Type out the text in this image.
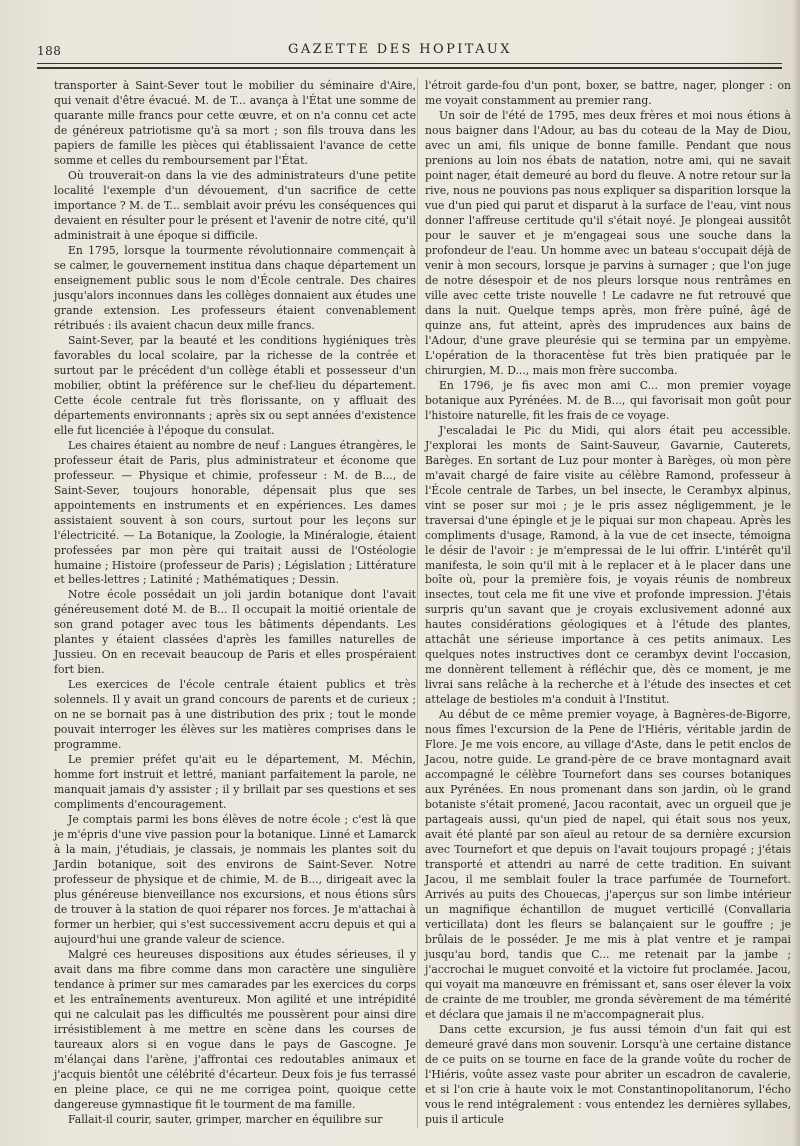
188	GAZETTE DES HOPITAUX

transporter à Saint-Sever tout le mobilier du séminaire d'Aire, qui venait d'être évacué. M. de T... avança à l'État une somme de quarante mille francs pour cette œuvre, et on n'a connu cet acte de généreux patriotisme qu'à sa mort ; son fils trouva dans les papiers de famille les pièces qui établissaient l'avance de cette somme et celles du remboursement par l'État.

Où trouverait-on dans la vie des administrateurs d'une petite localité l'exemple d'un dévouement, d'un sacrifice de cette importance ? M. de T... semblait avoir prévu les conséquences qui devaient en résulter pour le présent et l'avenir de notre cité, qu'il administrait à une époque si difficile.

En 1795, lorsque la tourmente révolutionnaire commençait à se calmer, le gouvernement institua dans chaque département un enseignement public sous le nom d'École centrale. Des chaires jusqu'alors inconnues dans les collèges donnaient aux études une grande extension. Les professeurs étaient convenablement rétribués : ils avaient chacun deux mille francs.

Saint-Sever, par la beauté et les conditions hygiéniques très favorables du local scolaire, par la richesse de la contrée et surtout par le précédent d'un collège établi et possesseur d'un mobilier, obtint la préférence sur le chef-lieu du département. Cette école centrale fut très florissante, on y affluait des départements environnants ; après six ou sept années d'existence elle fut licenciée à l'époque du consulat.

Les chaires étaient au nombre de neuf : Langues étrangères, le professeur était de Paris, plus administrateur et économe que professeur. — Physique et chimie, professeur : M. de B..., de Saint-Sever, toujours honorable, dépensait plus que ses appointements en instruments et en expériences. Les dames assistaient souvent à son cours, surtout pour les leçons sur l'électricité. — La Botanique, la Zoologie, la Minéralogie, étaient professées par mon père qui traitait aussi de l'Ostéologie humaine ; Histoire (professeur de Paris) ; Législation ; Littérature et belles-lettres ; Latinité ; Mathématiques ; Dessin.

Notre école possédait un joli jardin botanique dont l'avait généreusement doté M. de B... Il occupait la moitié orientale de son grand potager avec tous les bâtiments dépendants. Les plantes y étaient classées d'après les familles naturelles de Jussieu. On en recevait beaucoup de Paris et elles prospéraient fort bien.

Les exercices de l'école centrale étaient publics et très solennels. Il y avait un grand concours de parents et de curieux ; on ne se bornait pas à une distribution des prix ; tout le monde pouvait interroger les élèves sur les matières comprises dans le programme.

Le premier préfet qu'ait eu le département, M. Méchin, homme fort instruit et lettré, maniant parfaitement la parole, ne manquait jamais d'y assister ; il y brillait par ses questions et ses compliments d'encouragement.

Je comptais parmi les bons élèves de notre école ; c'est là que je m'épris d'une vive passion pour la botanique. Linné et Lamarck à la main, j'étudiais, je classais, je nommais les plantes soit du Jardin botanique, soit des environs de Saint-Sever. Notre professeur de physique et de chimie, M. de B..., dirigeait avec la plus généreuse bienveillance nos excursions, et nous étions sûrs de trouver à la station de quoi réparer nos forces. Je m'attachai à former un herbier, qui s'est successivement accru depuis et qui a aujourd'hui une grande valeur de science.

Malgré ces heureuses dispositions aux études sérieuses, il y avait dans ma fibre comme dans mon caractère une singulière tendance à primer sur mes camarades par les exercices du corps et les entraînements aventureux. Mon agilité et une intrépidité qui ne calculait pas les difficultés me poussèrent pour ainsi dire irrésistiblement à me mettre en scène dans les courses de taureaux alors si en vogue dans le pays de Gascogne. Je m'élançai dans l'arène, j'affrontai ces redoutables animaux et j'acquis bientôt une célébrité d'écarteur. Deux fois je fus terrassé en pleine place, ce qui ne me corrigea point, quoique cette dangereuse gymnastique fit le tourment de ma famille.

Fallait-il courir, sauter, grimper, marcher en équilibre sur

l'étroit garde-fou d'un pont, boxer, se battre, nager, plonger : on me voyait constamment au premier rang.

Un soir de l'été de 1795, mes deux frères et moi nous étions à nous baigner dans l'Adour, au bas du coteau de la May de Diou, avec un ami, fils unique de bonne famille. Pendant que nous prenions au loin nos ébats de natation, notre ami, qui ne savait point nager, était demeuré au bord du fleuve. A notre retour sur la rive, nous ne pouvions pas nous expliquer sa disparition lorsque la vue d'un pied qui parut et disparut à la surface de l'eau, vint nous donner l'affreuse certitude qu'il s'était noyé. Je plongeai aussitôt pour le sauver et je m'engageai sous une souche dans la profondeur de l'eau. Un homme avec un bateau s'occupait déjà de venir à mon secours, lorsque je parvins à surnager ; que l'on juge de notre désespoir et de nos pleurs lorsque nous rentrâmes en ville avec cette triste nouvelle ! Le cadavre ne fut retrouvé que dans la nuit. Quelque temps après, mon frère puîné, âgé de quinze ans, fut atteint, après des imprudences aux bains de l'Adour, d'une grave pleurésie qui se termina par un empyème. L'opération de la thoracentèse fut très bien pratiquée par le chirurgien, M. D..., mais mon frère succomba.

En 1796, je fis avec mon ami C... mon premier voyage botanique aux Pyrénées. M. de B..., qui favorisait mon goût pour l'histoire naturelle, fit les frais de ce voyage.

J'escaladai le Pic du Midi, qui alors était peu accessible. J'explorai les monts de Saint-Sauveur, Gavarnie, Cauterets, Barèges. En sortant de Luz pour monter à Barèges, où mon père m'avait chargé de faire visite au célèbre Ramond, professeur à l'École centrale de Tarbes, un bel insecte, le Cerambyx alpinus, vint se poser sur moi ; je le pris assez négligemment, je le traversai d'une épingle et je le piquai sur mon chapeau. Après les compliments d'usage, Ramond, à la vue de cet insecte, témoigna le désir de l'avoir : je m'empressai de le lui offrir. L'intérêt qu'il manifesta, le soin qu'il mit à le replacer et à le placer dans une boîte où, pour la première fois, je voyais réunis de nombreux insectes, tout cela me fit une vive et profonde impression. J'étais surpris qu'un savant que je croyais exclusivement adonné aux hautes considérations géologiques et à l'étude des plantes, attachât une sérieuse importance à ces petits animaux. Les quelques notes instructives dont ce cerambyx devint l'occasion, me donnèrent tellement à réfléchir que, dès ce moment, je me livrai sans relâche à la recherche et à l'étude des insectes et cet attelage de bestioles m'a conduit à l'Institut.

Au début de ce même premier voyage, à Bagnères-de-Bigorre, nous fîmes l'excursion de la Pene de l'Hiéris, véritable jardin de Flore. Je me vois encore, au village d'Aste, dans le petit enclos de Jacou, notre guide. Le grand-père de ce brave montagnard avait accompagné le célèbre Tournefort dans ses courses botaniques aux Pyrénées. En nous promenant dans son jardin, où le grand botaniste s'était promené, Jacou racontait, avec un orgueil que je partageais aussi, qu'un pied de napel, qui était sous nos yeux, avait été planté par son aïeul au retour de sa dernière excursion avec Tournefort et que depuis on l'avait toujours propagé ; j'étais transporté et attendri au narré de cette tradition. En suivant Jacou, il me semblait fouler la trace parfumée de Tournefort. Arrivés au puits des Chouecas, j'aperçus sur son limbe intérieur un magnifique échantillon de muguet verticillé (Convallaria verticillata) dont les fleurs se balançaient sur le gouffre ; je brûlais de le posséder. Je me mis à plat ventre et je rampai jusqu'au bord, tandis que C... me retenait par la jambe ; j'accrochai le muguet convoité et la victoire fut proclamée. Jacou, qui voyait ma manœuvre en frémissant et, sans oser élever la voix de crainte de me troubler, me gronda sévèrement de ma témérité et déclara que jamais il ne m'accompagnerait plus.

Dans cette excursion, je fus aussi témoin d'un fait qui est demeuré gravé dans mon souvenir. Lorsqu'à une certaine distance de ce puits on se tourne en face de la grande voûte du rocher de l'Hiéris, voûte assez vaste pour abriter un escadron de cavalerie, et si l'on crie à haute voix le mot Constantinopolitanorum, l'écho vous le rend intégralement : vous entendez les dernières syllabes, puis il articule
